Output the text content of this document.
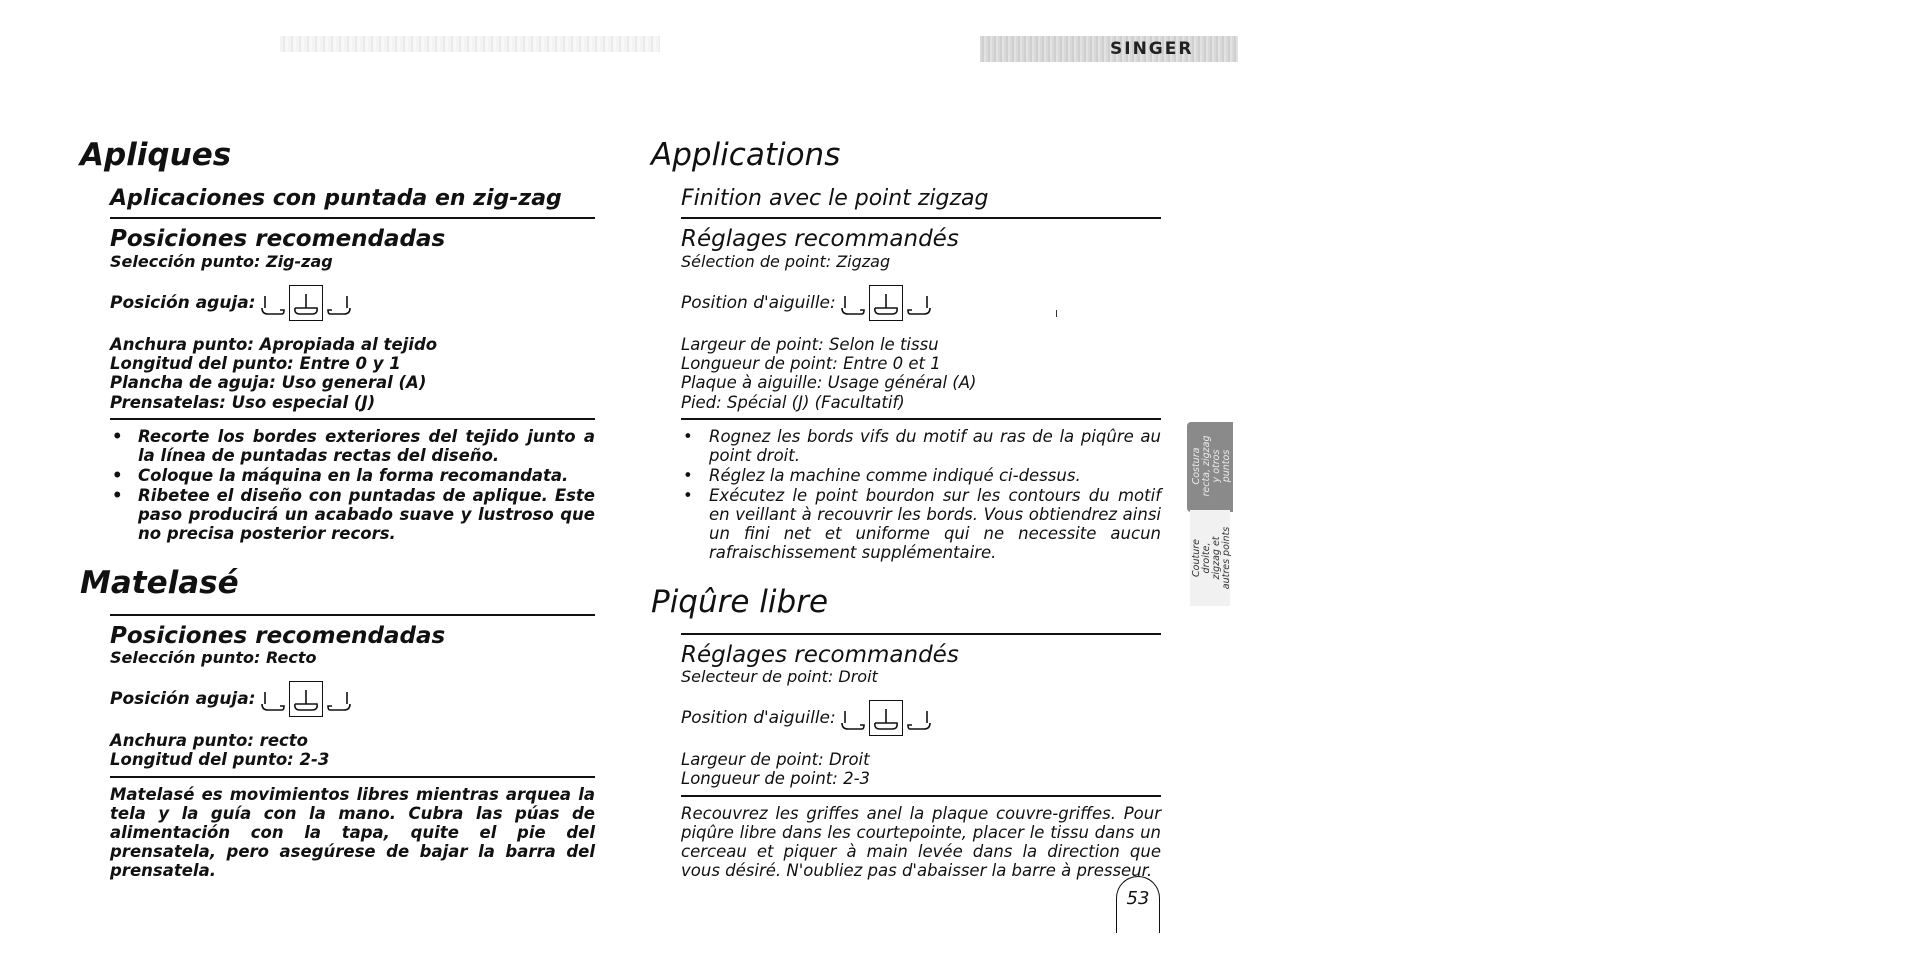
SINGER
Apliques
Aplicaciones con puntada en zig-zag
Posiciones recomendadas
Selección punto: Zig-zag
Posición aguja:
Anchura punto: Apropiada al tejido
Longitud del punto: Entre 0 y 1
Plancha de aguja: Uso general (A)
Prensatelas: Uso especial (J)
• Recorte los bordes exteriores del tejido junto a la línea de puntadas rectas del diseño.
• Coloque la máquina en la forma recomandata.
• Ribetee el diseño con puntadas de aplique. Este paso producirá un acabado suave y lustroso que no precisa posterior recors.
Matelasé
Posiciones recomendadas
Selección punto: Recto
Posición aguja:
Anchura punto: recto
Longitud del punto: 2-3

Matelasé es movimientos libres mientras arquea la tela y la guía con la mano. Cubra las púas de alimentación con la tapa, quite el pie del prensatela, pero asegúrese de bajar la barra del prensatela.

Applications
Finition avec le point zigzag
Réglages recommandés
Sélection de point: Zigzag
Position d'aiguille:
Largeur de point: Selon le tissu
Longueur de point: Entre 0 et 1
Plaque à aiguille: Usage général (A)
Pied: Spécial (J) (Facultatif)
• Rognez les bords vifs du motif au ras de la piqûre au point droit.
• Réglez la machine comme indiqué ci-dessus.
• Exécutez le point bourdon sur les contours du motif en veillant à recouvrir les bords. Vous obtiendrez ainsi un fini net et uniforme qui ne necessite aucun rafraischissement supplémentaire.
Piqûre libre
Réglages recommandés
Selecteur de point: Droit
Position d'aiguille:
Largeur de point: Droit
Longueur de point: 2-3

Recouvrez les griffes anel la plaque couvre-griffes. Pour piqûre libre dans les courtepointe, placer le tissu dans un cerceau et piquer à main levée dans la direction que vous désiré. N'oubliez pas d'abaisser la barre à presseur.

Costura recta, zigzag y otros puntos
Couture droite, zigzag et autres points
53
